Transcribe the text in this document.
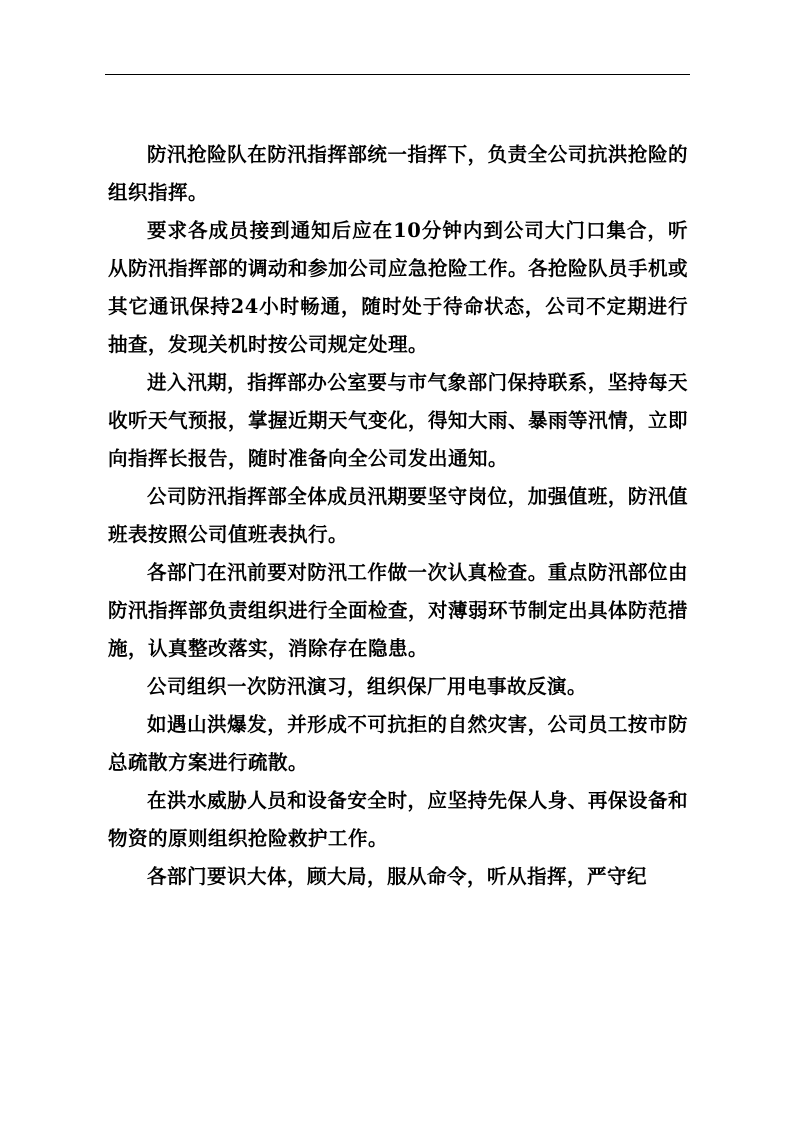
防汛抢险队在防汛指挥部统一指挥下，负责全公司抗洪抢险的组织指挥。

要求各成员接到通知后应在10分钟内到公司大门口集合，听从防汛指挥部的调动和参加公司应急抢险工作。各抢险队员手机或其它通讯保持24小时畅通，随时处于待命状态，公司不定期进行抽查，发现关机时按公司规定处理。

进入汛期，指挥部办公室要与市气象部门保持联系，坚持每天收听天气预报，掌握近期天气变化，得知大雨、暴雨等汛情，立即向指挥长报告，随时准备向全公司发出通知。

公司防汛指挥部全体成员汛期要坚守岗位，加强值班，防汛值班表按照公司值班表执行。

各部门在汛前要对防汛工作做一次认真检查。重点防汛部位由防汛指挥部负责组织进行全面检查，对薄弱环节制定出具体防范措施，认真整改落实，消除存在隐患。

公司组织一次防汛演习，组织保厂用电事故反演。

如遇山洪爆发，并形成不可抗拒的自然灾害，公司员工按市防总疏散方案进行疏散。

在洪水威胁人员和设备安全时，应坚持先保人身、再保设备和物资的原则组织抢险救护工作。

各部门要识大体，顾大局，服从命令，听从指挥，严守纪
